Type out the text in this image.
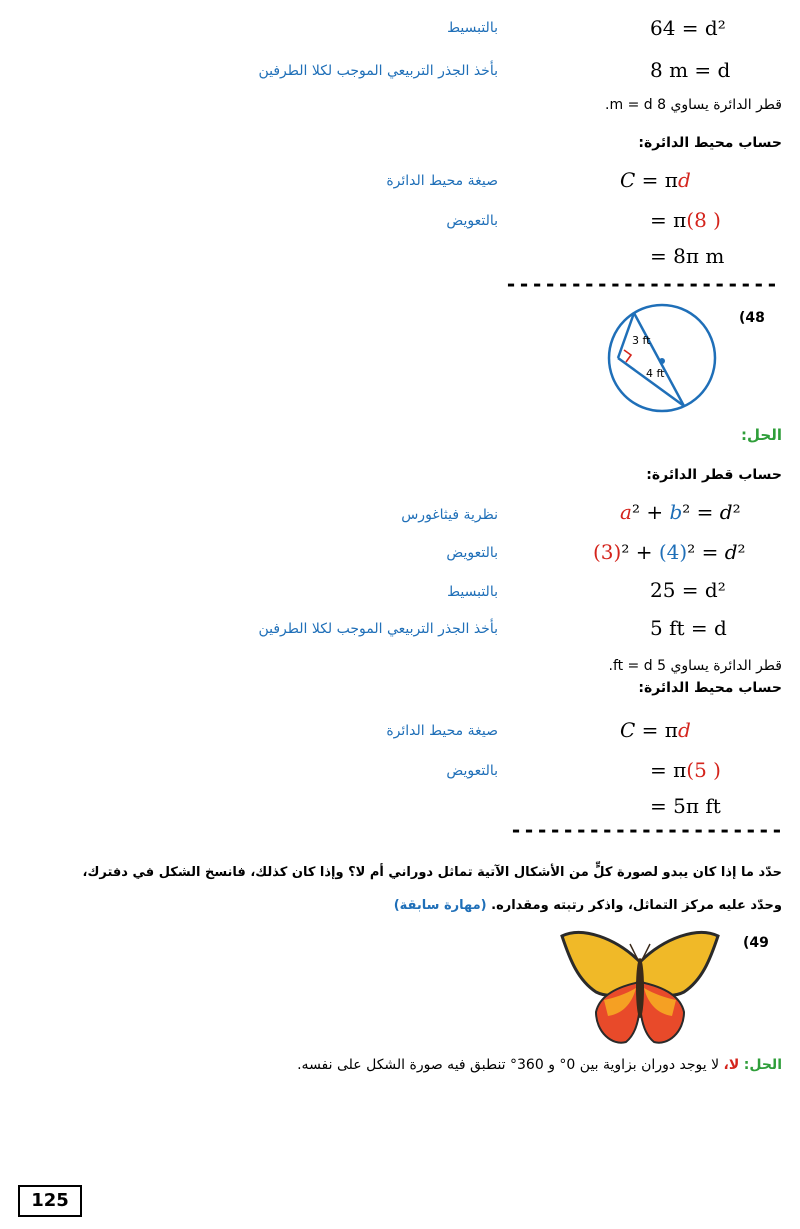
64 = d²
بالتبسيط
8 m = d
بأخذ الجذر التربيعي الموجب لكلا الطرفين
قطر الدائرة يساوي 8 m = d.
حساب محيط الدائرة:
C = πd
صيغة محيط الدائرة
= π(8 )
بالتعويض
= 8π m
---------------------
(48
3 ft
4 ft
الحل:
حساب قطر الدائرة:
a² + b² = d²
نظرية فيثاغورس
(3)² + (4)² = d²
بالتعويض
25 = d²
بالتبسيط
5 ft = d
بأخذ الجذر التربيعي الموجب لكلا الطرفين
قطر الدائرة يساوي 5 ft = d.
حساب محيط الدائرة:
C = πd
صيغة محيط الدائرة
= π(5 )
بالتعويض
= 5π ft
---------------------
حدّد ما إذا كان يبدو لصورة كلٍّ من الأشكال الآتية تماثل دوراني أم لا؟ وإذا كان كذلك، فانسخ الشكل في دفترك،
وحدّد عليه مركز التماثل، واذكر رتبته ومقداره. (مهارة سابقة)
(49
الحل: لا، لا يوجد دوران بزاوية بين 0° و 360° تنطبق فيه صورة الشكل على نفسه.
125
